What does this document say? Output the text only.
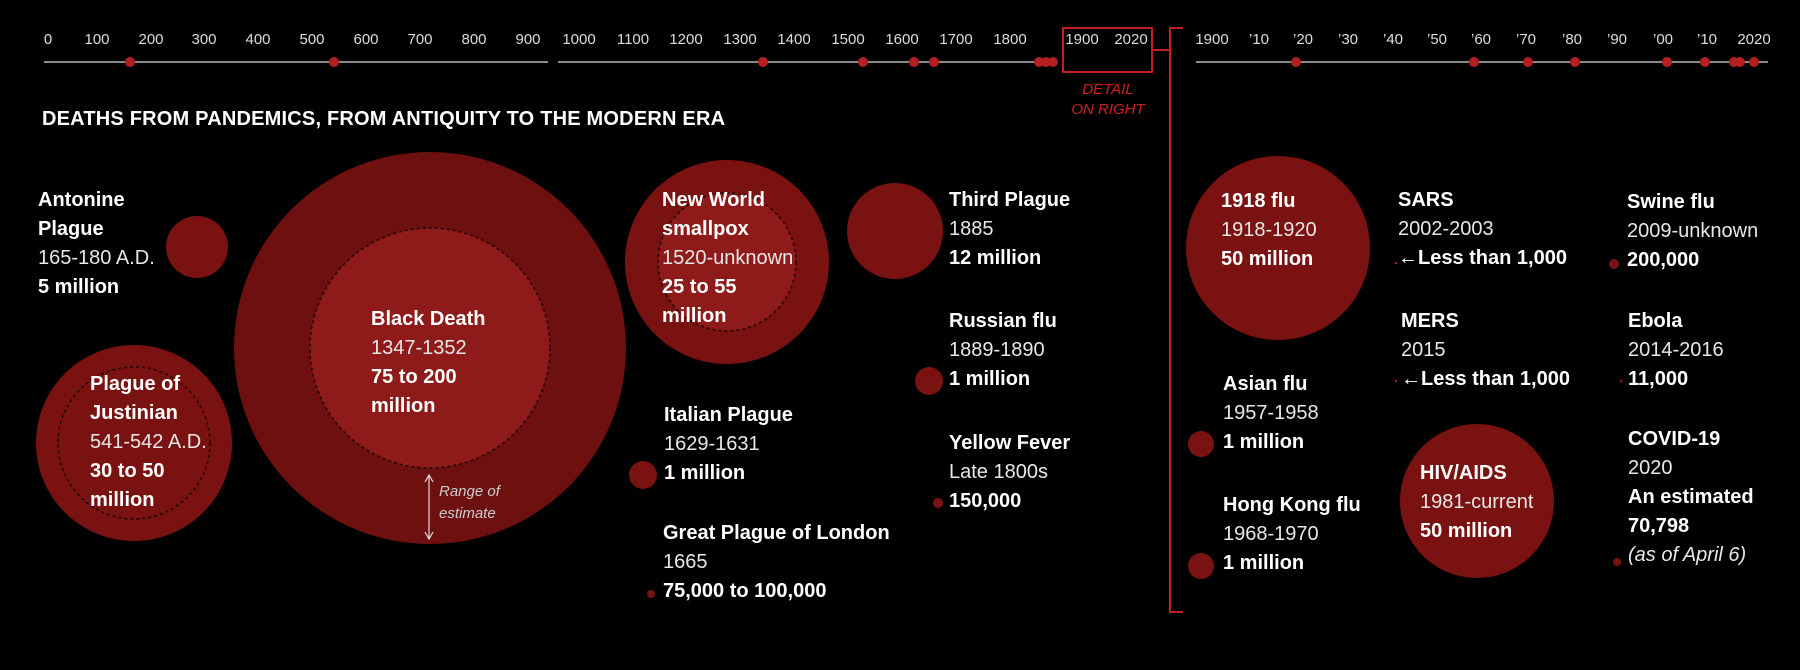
0 100 200 300 400 500 600 700 800 900 1000 1100 1200 1300 1400 1500 1600 1700 1800	1900 2020	1900 ’10 ’20 ’30 ’40 ’50 ’60 ’70 ’80 ’90 ’00 ’10 2020
DEATHS FROM PANDEMICS, FROM ANTIQUITY TO THE MODERN ERA
DETAIL
ON RIGHT
Range of
estimate
Antonine
Plague
165-180 A.D.
5 million
Plague of
Justinian
541-542 A.D.
30 to 50
million
Black Death
1347-1352
75 to 200
million
New World
smallpox
1520-unknown
25 to 55
million
Italian Plague
1629-1631
1 million
Great Plague of London
1665
75,000 to 100,000
Third Plague
1885
12 million
Russian flu
1889-1890
1 million
Yellow Fever
Late 1800s
150,000
1918 flu
1918-1920
50 million
Asian flu
1957-1958
1 million
Hong Kong flu
1968-1970
1 million
SARS
2002-2003
←Less than 1,000
MERS
2015
←Less than 1,000
HIV/AIDS
1981-current
50 million
Swine flu
2009-unknown
200,000
Ebola
2014-2016
11,000
COVID-19
2020
An estimated
70,798
(as of April 6)
